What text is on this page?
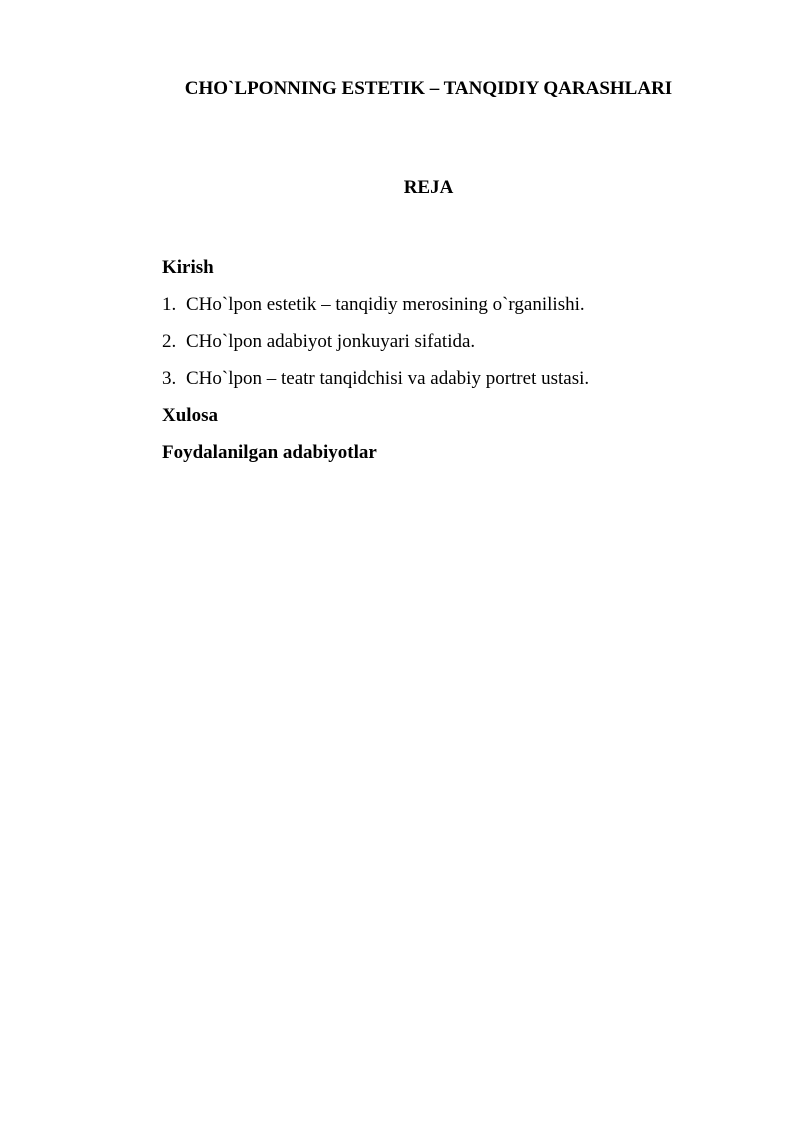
CHO`LPONNING ESTETIK – TANQIDIY QARASHLARI
REJA
Kirish
1. CHo`lpon estetik – tanqidiy merosining o`rganilishi.
2. CHo`lpon adabiyot jonkuyari sifatida.
3. CHo`lpon – teatr tanqidchisi va adabiy portret ustasi.
Xulosa
Foydalanilgan adabiyotlar
